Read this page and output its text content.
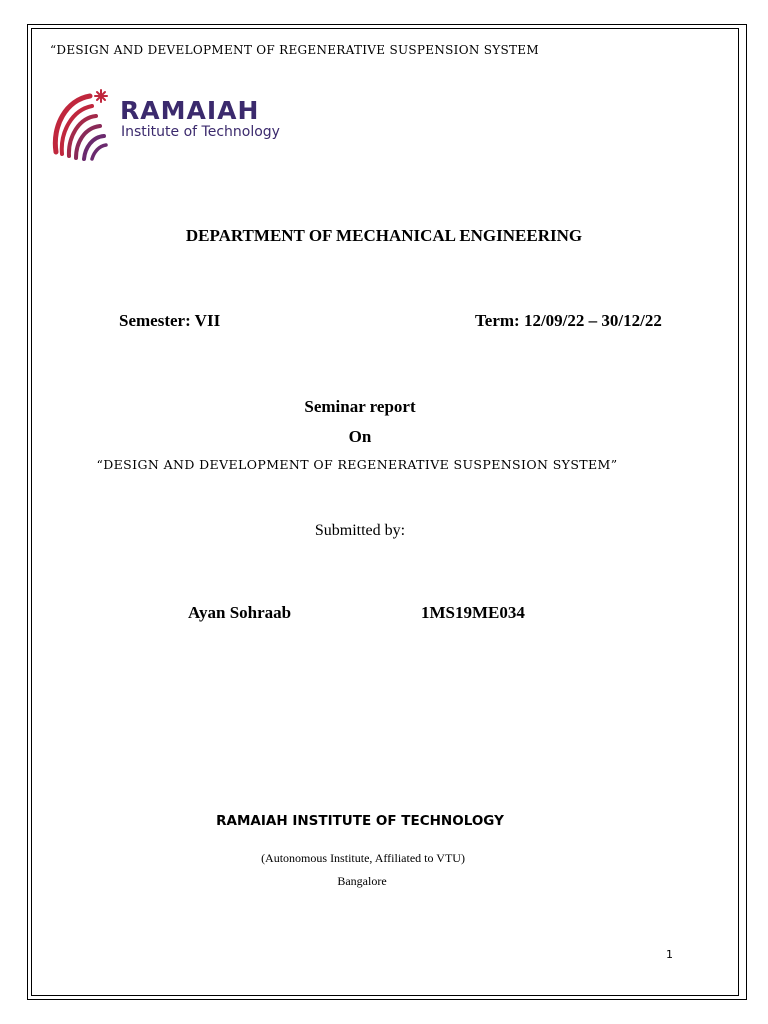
“DESIGN AND DEVELOPMENT OF REGENERATIVE SUSPENSION SYSTEM
RAMAIAH
Institute of Technology
DEPARTMENT OF MECHANICAL ENGINEERING
Semester: VII	Term: 12/09/22 – 30/12/22
Seminar report
On
“DESIGN AND DEVELOPMENT OF REGENERATIVE SUSPENSION SYSTEM”
Submitted by:
Ayan Sohraab	1MS19ME034
RAMAIAH INSTITUTE OF TECHNOLOGY
(Autonomous Institute, Affiliated to VTU)
Bangalore
1
